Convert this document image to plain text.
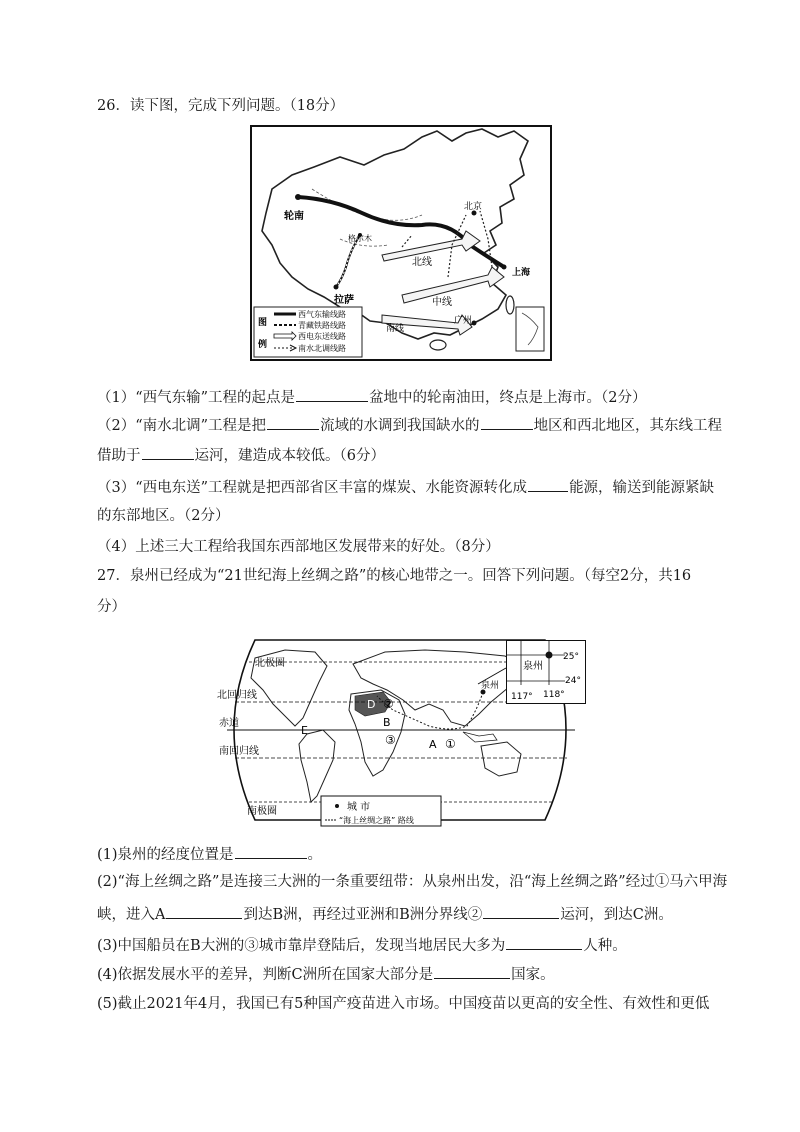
26．读下图，完成下列问题。（18分）
轮南
北京
格尔木
北线
上海
拉萨	中线
广州
南线
图
例
西气东输线路
青藏铁路线路
西电东送线路
南水北调线路
（1）“西气东输”工程的起点是	盆地中的轮南油田，终点是上海市。（2分）
（2）“南水北调”工程是把	流域的水调到我国缺水的	地区和西北地区，其东线工程
借助于	运河，建造成本较低。（6分）
（3）“西电东送”工程就是把西部省区丰富的煤炭、水能资源转化成	能源，输送到能源紧缺
的东部地区。（2分）
（4）上述三大工程给我国东西部地区发展带来的好处。（8分）
27．泉州已经成为“21世纪海上丝绸之路”的核心地带之一。回答下列问题。（每空2分，共16
分）
北极圈
北回归线
赤道
南回归线
南极圈
D ②
B
③
E
A ①
泉州
城 市
“海上丝绸之路” 路线
泉州
25°
24°
117° 118°
(1)泉州的经度位置是	。
(2)“海上丝绸之路”是连接三大洲的一条重要纽带：从泉州出发，沿“海上丝绸之路”经过①马六甲海
峡，进入A	到达B洲，再经过亚洲和B洲分界线②	运河，到达C洲。
(3)中国船员在B大洲的③城市靠岸登陆后，发现当地居民大多为	人种。
(4)依据发展水平的差异，判断C洲所在国家大部分是	国家。
(5)截止2021年4月，我国已有5种国产疫苗进入市场。中国疫苗以更高的安全性、有效性和更低
